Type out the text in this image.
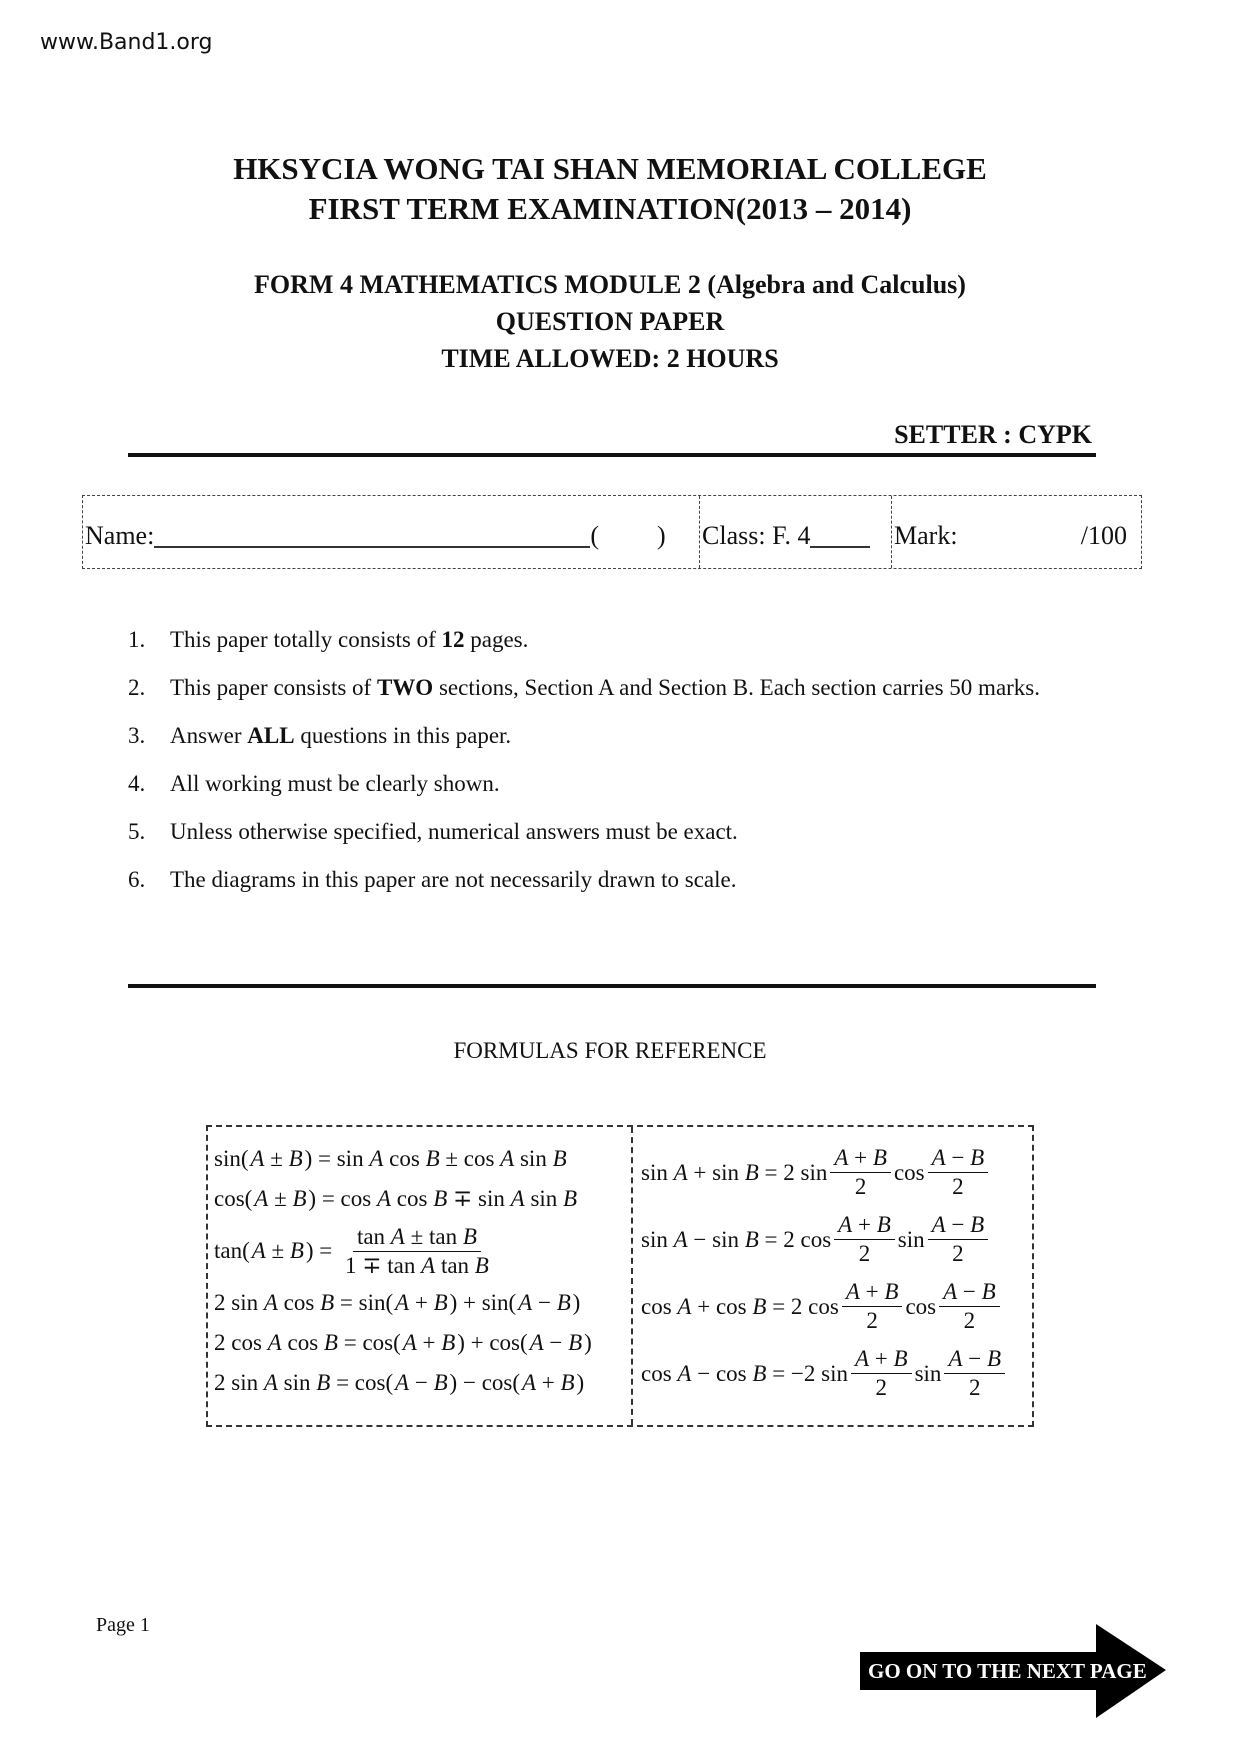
www.Band1.org
HKSYCIA WONG TAI SHAN MEMORIAL COLLEGE
FIRST TERM EXAMINATION(2013 – 2014)
FORM 4 MATHEMATICS MODULE 2 (Algebra and Calculus)
QUESTION PAPER
TIME ALLOWED: 2 HOURS
SETTER : CYPK
Name:	( ) Class: F. 4	Mark:	/100
1.	This paper totally consists of 12 pages.
2.	This paper consists of TWO sections, Section A and Section B. Each section carries 50 marks.
3.	Answer ALL questions in this paper.
4.	All working must be clearly shown.
5.	Unless otherwise specified, numerical answers must be exact.
6.	The diagrams in this paper are not necessarily drawn to scale.
FORMULAS FOR REFERENCE
sin(  A ± B  ) = sin A cos B ± cos A sin B
cos(  A ± B  ) = cos A cos B ∓ sin A sin B
tan(  A ± B  ) = $\frac{\text{tan A ± tan B}}{\text{1 ∓ tan A tan B}}$
2 sin A cos B = sin(  A + B  ) + sin(  A − B  )
2 cos A cos B = cos(  A + B  ) + cos(  A − B  )
2 sin A sin B = cos(  A − B  ) − cos(  A + B  )
sin A + sin B = 2 $\sin \frac{A + B}{2}$ $\cos \frac{A - B}{2}$
sin A − sin B = 2 $\cos \frac{A + B}{2}$ $\sin \frac{A - B}{2}$
cos A + cos B = 2 $\cos \frac{A + B}{2}$ $\cos \frac{A - B}{2}$
cos A − cos B = −2 $\sin \frac{A + B}{2}$ $\sin \frac{A - B}{2}$
Page 1
GO ON TO THE NEXT PAGE
